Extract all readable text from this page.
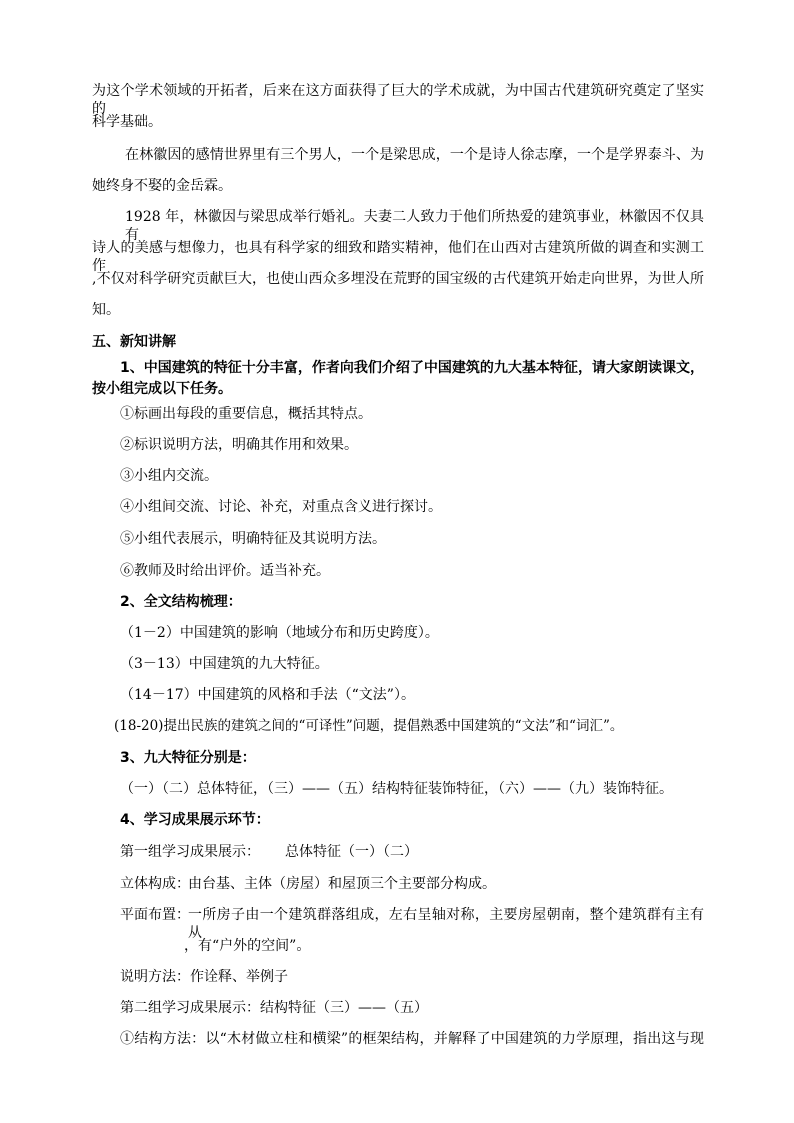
为这个学术领域的开拓者，后来在这方面获得了巨大的学术成就，为中国古代建筑研究奠定了坚实的
科学基础。
在林徽因的感情世界里有三个男人，一个是梁思成，一个是诗人徐志摩，一个是学界泰斗、为
她终身不娶的金岳霖。
1928 年，林徽因与梁思成举行婚礼。夫妻二人致力于他们所热爱的建筑事业，林徽因不仅具有
诗人的美感与想像力，也具有科学家的细致和踏实精神，他们在山西对古建筑所做的调查和实测工作
,不仅对科学研究贡献巨大，也使山西众多埋没在荒野的国宝级的古代建筑开始走向世界，为世人所
知。
五、新知讲解
1、中国建筑的特征十分丰富，作者向我们介绍了中国建筑的九大基本特征，请大家朗读课文，
按小组完成以下任务。
①标画出每段的重要信息，概括其特点。
②标识说明方法，明确其作用和效果。
③小组内交流。
④小组间交流、讨论、补充，对重点含义进行探讨。
⑤小组代表展示，明确特征及其说明方法。
⑥教师及时给出评价。适当补充。
2、全文结构梳理：
（1－2）中国建筑的影响（地域分布和历史跨度）。
（3－13）中国建筑的九大特征。
（14－17）中国建筑的风格和手法（“文法”）。
(18-20)提出民族的建筑之间的“可译性”问题，提倡熟悉中国建筑的“文法”和“词汇”。
3、九大特征分别是：
（一）（二）总体特征，（三）——（五）结构特征装饰特征，（六）——（九）装饰特征。
4、学习成果展示环节：
第一组学习成果展示： 总体特征（一）（二）
立体构成：
由台基、主体（房屋）和屋顶三个主要部分构成。
平面布置：
一所房子由一个建筑群落组成，左右呈轴对称，主要房屋朝南，整个建筑群有主有从
，有“户外的空间”。
说明方法：作诠释、举例子
第二组学习成果展示：结构特征（三）——（五）
①结构方法：以“木材做立柱和横梁”的框架结构，并解释了中国建筑的力学原理，指出这与现
